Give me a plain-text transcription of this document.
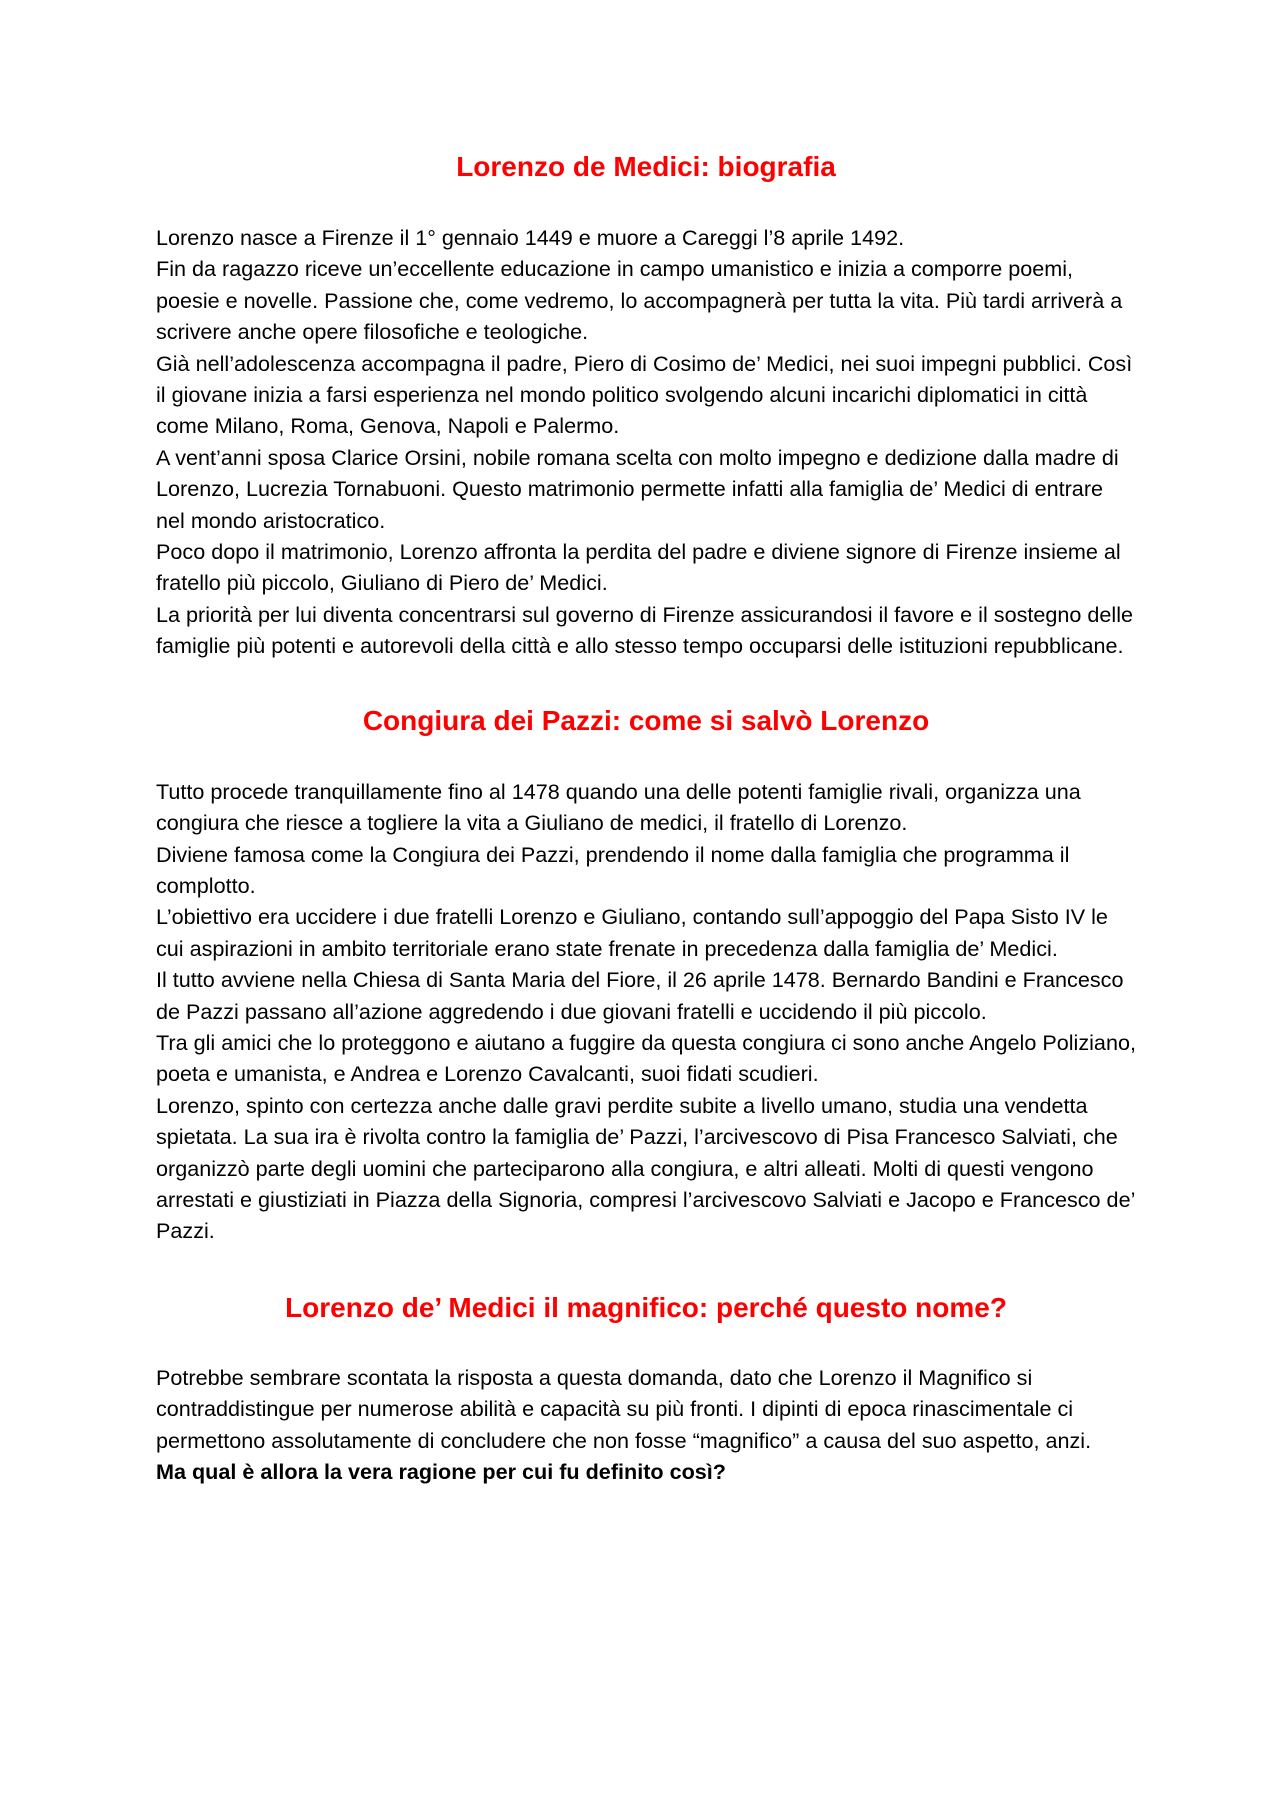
Lorenzo de Medici: biografia

Lorenzo nasce a Firenze il 1° gennaio 1449 e muore a Careggi l’8 aprile 1492.

Fin da ragazzo riceve un’eccellente educazione in campo umanistico e inizia a comporre poemi, poesie e novelle. Passione che, come vedremo, lo accompagnerà per tutta la vita. Più tardi arriverà a scrivere anche opere filosofiche e teologiche.

Già nell’adolescenza accompagna il padre, Piero di Cosimo de’ Medici, nei suoi impegni pubblici. Così il giovane inizia a farsi esperienza nel mondo politico svolgendo alcuni incarichi diplomatici in città come Milano, Roma, Genova, Napoli e Palermo.

A vent’anni sposa Clarice Orsini, nobile romana scelta con molto impegno e dedizione dalla madre di Lorenzo, Lucrezia Tornabuoni. Questo matrimonio permette infatti alla famiglia de’ Medici di entrare nel mondo aristocratico.

Poco dopo il matrimonio, Lorenzo affronta la perdita del padre e diviene signore di Firenze insieme al fratello più piccolo, Giuliano di Piero de’ Medici.

La priorità per lui diventa concentrarsi sul governo di Firenze assicurandosi il favore e il sostegno delle famiglie più potenti e autorevoli della città e allo stesso tempo occuparsi delle istituzioni repubblicane.

Congiura dei Pazzi: come si salvò Lorenzo

Tutto procede tranquillamente fino al 1478 quando una delle potenti famiglie rivali, organizza una congiura che riesce a togliere la vita a Giuliano de medici, il fratello di Lorenzo.

Diviene famosa come la Congiura dei Pazzi, prendendo il nome dalla famiglia che programma il complotto.

L’obiettivo era uccidere i due fratelli Lorenzo e Giuliano, contando sull’appoggio del Papa Sisto IV le cui aspirazioni in ambito territoriale erano state frenate in precedenza dalla famiglia de’ Medici.

Il tutto avviene nella Chiesa di Santa Maria del Fiore, il 26 aprile 1478. Bernardo Bandini e Francesco de Pazzi passano all’azione aggredendo i due giovani fratelli e uccidendo il più piccolo.

Tra gli amici che lo proteggono e aiutano a fuggire da questa congiura ci sono anche Angelo Poliziano, poeta e umanista, e Andrea e Lorenzo Cavalcanti, suoi fidati scudieri.

Lorenzo, spinto con certezza anche dalle gravi perdite subite a livello umano, studia una vendetta spietata. La sua ira è rivolta contro la famiglia de’ Pazzi, l’arcivescovo di Pisa Francesco Salviati, che organizzò parte degli uomini che parteciparono alla congiura, e altri alleati. Molti di questi vengono arrestati e giustiziati in Piazza della Signoria, compresi l’arcivescovo Salviati e Jacopo e Francesco de’ Pazzi.

Lorenzo de’ Medici il magnifico: perché questo nome?

Potrebbe sembrare scontata la risposta a questa domanda, dato che Lorenzo il Magnifico si contraddistingue per numerose abilità e capacità su più fronti. I dipinti di epoca rinascimentale ci permettono assolutamente di concludere che non fosse “magnifico” a causa del suo aspetto, anzi.

Ma qual è allora la vera ragione per cui fu definito così?
